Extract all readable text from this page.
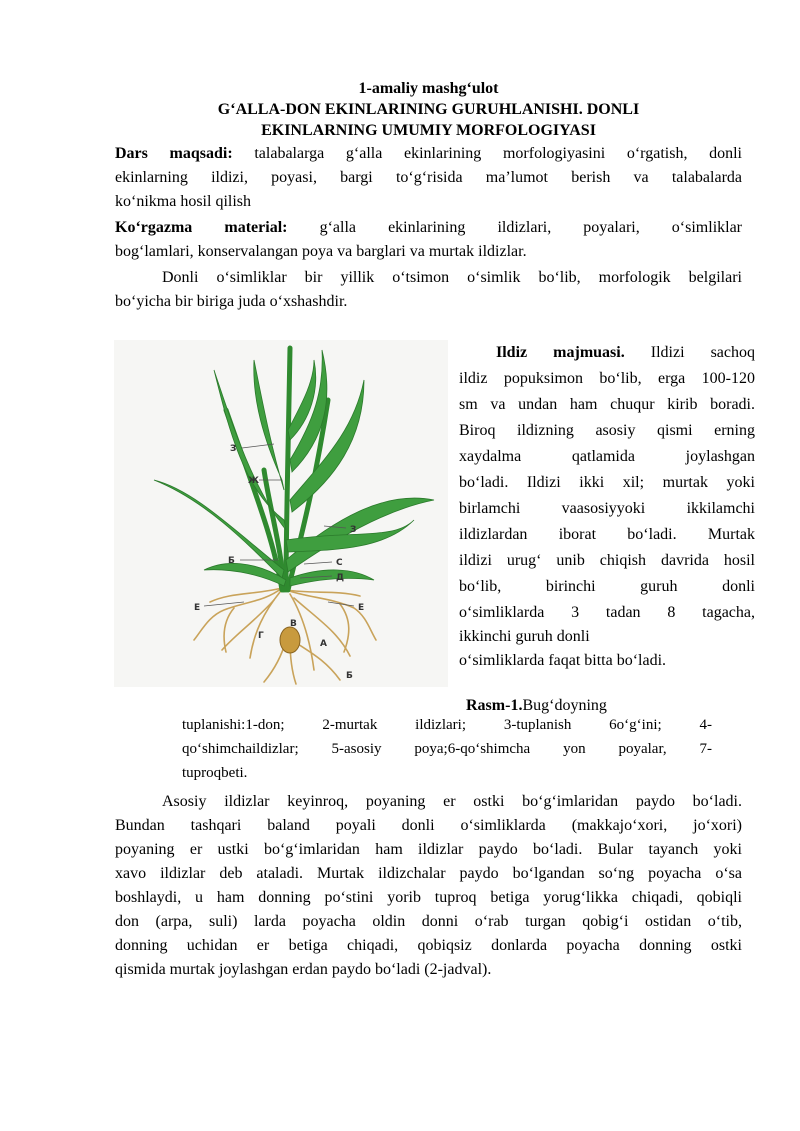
1-amaliy mashg‘ulot
G‘ALLA-DON EKINLARINING GURUHLANISHI. DONLI
EKINLARNING UMUMIY MORFOLOGIYASI
Dars maqsadi: talabalarga g‘alla ekinlarining morfologiyasini o‘rgatish, donli
ekinlarning ildizi, poyasi, bargi to‘g‘risida ma’lumot berish va talabalarda
ko‘nikma hosil qilish
Ko‘rgazma material: g‘alla ekinlarining ildizlari, poyalari, o‘simliklar
bog‘lamlari, konservalangan poya va barglari va murtak ildizlar.
Donli o‘simliklar bir yillik o‘tsimon o‘simlik bo‘lib, morfologik belgilari
bo‘yicha bir biriga juda o‘xshashdir.
З
Ж
З
Б
Е	Е
Г
В
А
Б
С
Д
Ildiz majmuasi. Ildizi sachoq
ildiz popuksimon bo‘lib, erga 100-120
sm va undan ham chuqur kirib boradi.
Biroq ildizning asosiy qismi erning
xaydalma qatlamida joylashgan
bo‘ladi. Ildizi ikki xil; murtak yoki
birlamchi vaasosiyyoki ikkilamchi
ildizlardan iborat bo‘ladi. Murtak
ildizi urug‘ unib chiqish davrida hosil
bo‘lib, birinchi guruh donli
o‘simliklarda 3 tadan 8 tagacha,
ikkinchi guruh donli
o‘simliklarda faqat bitta bo‘ladi.
Rasm-1.Bug‘doyning
tuplanishi:1-don; 2-murtak ildizlari; 3-tuplanish 6o‘g‘ini; 4-
qo‘shimchaildizlar; 5-asosiy poya;6-qo‘shimcha yon poyalar, 7-
tuproqbeti.
Asosiy ildizlar keyinroq, poyaning er ostki bo‘g‘imlaridan paydo bo‘ladi.
Bundan tashqari baland poyali donli o‘simliklarda (makkajo‘xori, jo‘xori)
poyaning er ustki bo‘g‘imlaridan ham ildizlar paydo bo‘ladi. Bular tayanch yoki
xavo ildizlar deb ataladi. Murtak ildizchalar paydo bo‘lgandan so‘ng poyacha o‘sa
boshlaydi, u ham donning po‘stini yorib tuproq betiga yorug‘likka chiqadi, qobiqli
don (arpa, suli) larda poyacha oldin donni o‘rab turgan qobig‘i ostidan o‘tib,
donning uchidan er betiga chiqadi, qobiqsiz donlarda poyacha donning ostki
qismida murtak joylashgan erdan paydo bo‘ladi (2-jadval).
